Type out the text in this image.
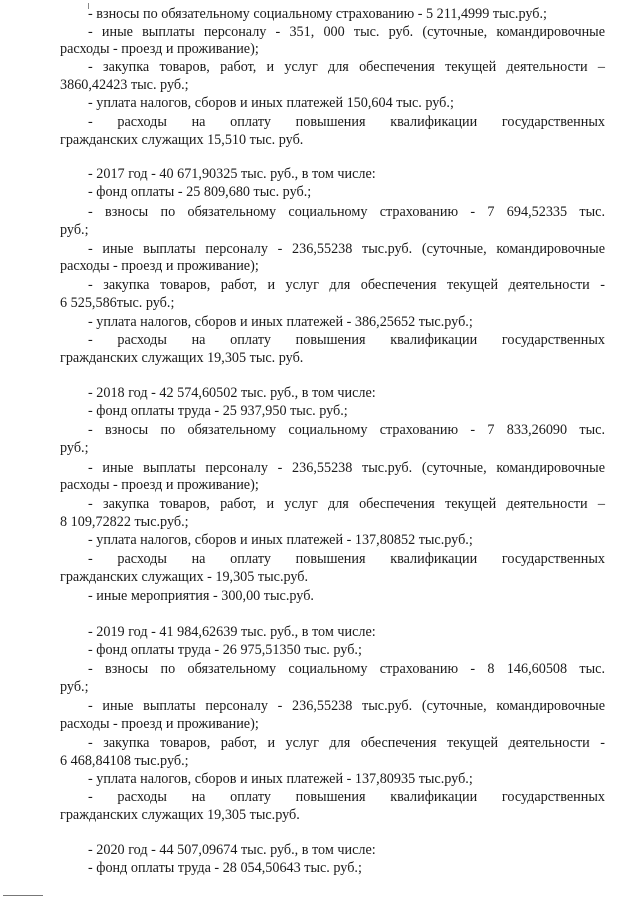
- взносы по обязательному социальному страхованию - 5 211,4999 тыс.руб.;
- иные выплаты персоналу - 351, 000 тыс. руб. (суточные, командировочные
расходы - проезд и проживание);
- закупка товаров, работ, и услуг для обеспечения текущей деятельности –
3860,42423 тыс. руб.;
- уплата налогов, сборов и иных платежей 150,604 тыс. руб.;
- расходы на оплату повышения квалификации государственных
гражданских служащих 15,510 тыс. руб.
- 2017 год - 40 671,90325 тыс. руб., в том числе:
- фонд оплаты - 25 809,680 тыс. руб.;
- взносы по обязательному социальному страхованию - 7 694,52335 тыс.
руб.;
- иные выплаты персоналу - 236,55238 тыс.руб. (суточные, командировочные
расходы - проезд и проживание);
- закупка товаров, работ, и услуг для обеспечения текущей деятельности -
6 525,586тыс. руб.;
- уплата налогов, сборов и иных платежей - 386,25652 тыс.руб.;
- расходы на оплату повышения квалификации государственных
гражданских служащих 19,305 тыс. руб.
- 2018 год - 42 574,60502 тыс. руб., в том числе:
- фонд оплаты труда - 25 937,950 тыс. руб.;
- взносы по обязательному социальному страхованию - 7 833,26090 тыс.
руб.;
- иные выплаты персоналу - 236,55238 тыс.руб. (суточные, командировочные
расходы - проезд и проживание);
- закупка товаров, работ, и услуг для обеспечения текущей деятельности –
8 109,72822 тыс.руб.;
- уплата налогов, сборов и иных платежей - 137,80852 тыс.руб.;
- расходы на оплату повышения квалификации государственных
гражданских служащих - 19,305 тыс.руб.
- иные мероприятия - 300,00 тыс.руб.
- 2019 год - 41 984,62639 тыс. руб., в том числе:
- фонд оплаты труда - 26 975,51350 тыс. руб.;
- взносы по обязательному социальному страхованию - 8 146,60508 тыс.
руб.;
- иные выплаты персоналу - 236,55238 тыс.руб. (суточные, командировочные
расходы - проезд и проживание);
- закупка товаров, работ, и услуг для обеспечения текущей деятельности -
6 468,84108 тыс.руб.;
- уплата налогов, сборов и иных платежей - 137,80935 тыс.руб.;
- расходы на оплату повышения квалификации государственных
гражданских служащих 19,305 тыс.руб.
- 2020 год - 44 507,09674 тыс. руб., в том числе:
- фонд оплаты труда - 28 054,50643 тыс. руб.;
